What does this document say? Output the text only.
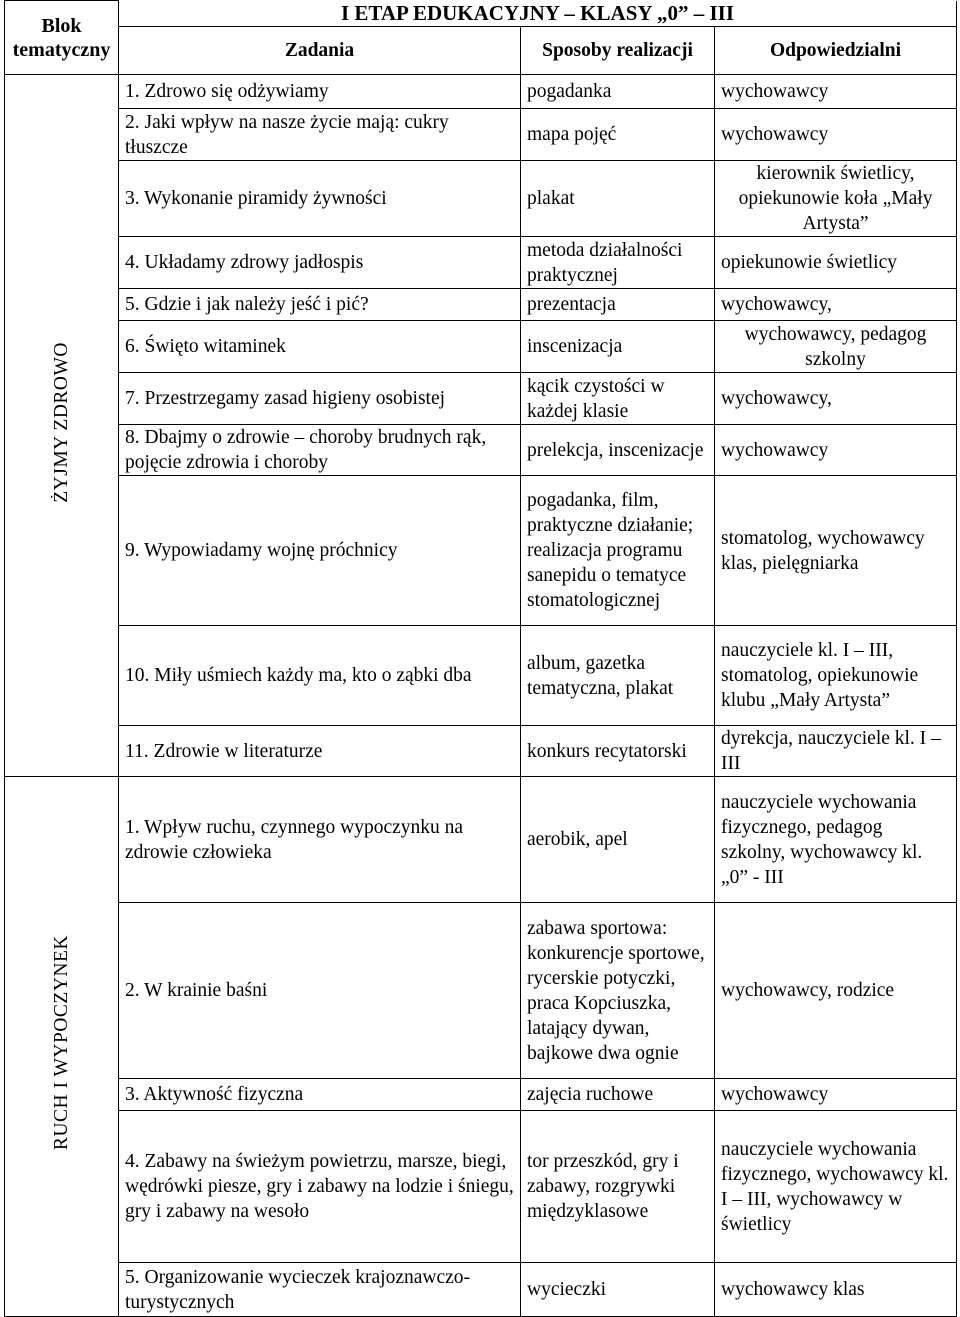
Blok tematyczny	I ETAP EDUKACYJNY – KLASY „0” – III		
	Zadania	Sposoby realizacji	Odpowiedzialni
ŻYJMY ZDROWO	1. Zdrowo się odżywiamy	pogadanka	wychowawcy
	2. Jaki wpływ na nasze życie mają: cukry tłuszcze	mapa pojęć	wychowawcy
	3. Wykonanie piramidy żywności	plakat	kierownik świetlicy, opiekunowie koła „Mały Artysta”
	4. Układamy zdrowy jadłospis	metoda działalności praktycznej	opiekunowie świetlicy
	5. Gdzie i jak należy jeść i pić?	prezentacja	wychowawcy,
	6. Święto witaminek	inscenizacja	wychowawcy, pedagog szkolny
	7. Przestrzegamy zasad higieny osobistej	kącik czystości w każdej klasie	wychowawcy,
	8. Dbajmy o zdrowie – choroby brudnych rąk, pojęcie zdrowia i choroby	prelekcja, inscenizacje	wychowawcy
	9. Wypowiadamy wojnę próchnicy	pogadanka, film, praktyczne działanie; realizacja programu sanepidu o tematyce stomatologicznej	stomatolog, wychowawcy klas, pielęgniarka
	10. Miły uśmiech każdy ma, kto o ząbki dba	album, gazetka tematyczna, plakat	nauczyciele kl. I – III, stomatolog, opiekunowie klubu „Mały Artysta”
	11. Zdrowie w literaturze	konkurs recytatorski	dyrekcja, nauczyciele kl. I – III
RUCH I WYPOCZYNEK	1. Wpływ ruchu, czynnego wypoczynku na zdrowie człowieka	aerobik, apel	nauczyciele wychowania fizycznego, pedagog szkolny, wychowawcy kl. „0” - III
	2. W krainie baśni	zabawa sportowa: konkurencje sportowe, rycerskie potyczki, praca Kopciuszka, latający dywan, bajkowe dwa ognie	wychowawcy, rodzice
	3. Aktywność fizyczna	zajęcia ruchowe	wychowawcy
	4. Zabawy na świeżym powietrzu, marsze, biegi, wędrówki piesze, gry i zabawy na lodzie i śniegu, gry i zabawy na wesoło	tor przeszkód, gry i zabawy, rozgrywki międzyklasowe	nauczyciele wychowania fizycznego, wychowawcy kl. I – III, wychowawcy w świetlicy
	5. Organizowanie wycieczek krajoznawczo-turystycznych	wycieczki	wychowawcy klas
